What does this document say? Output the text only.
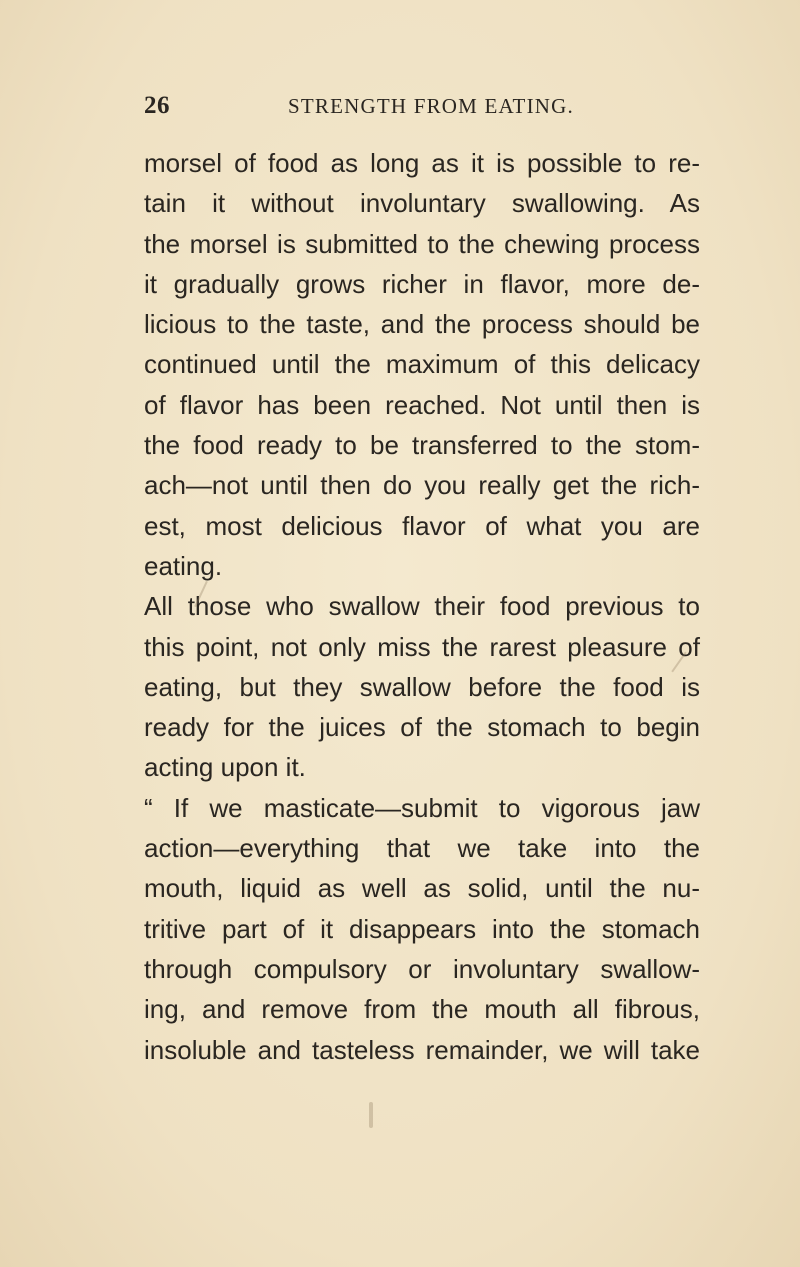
26	STRENGTH FROM EATING.
morsel of food as long as it is possible to re-
tain it without involuntary swallowing. As
the morsel is submitted to the chewing process
it gradually grows richer in flavor, more de-
licious to the taste, and the process should be
continued until the maximum of this delicacy
of flavor has been reached. Not until then is
the food ready to be transferred to the stom-
ach—not until then do you really get the rich-
est, most delicious flavor of what you are
eating.
All those who swallow their food previous to
this point, not only miss the rarest pleasure of
eating, but they swallow before the food is
ready for the juices of the stomach to begin
acting upon it.
“ If we masticate—submit to vigorous jaw
action—everything that we take into the
mouth, liquid as well as solid, until the nu-
tritive part of it disappears into the stomach
through compulsory or involuntary swallow-
ing, and remove from the mouth all fibrous,
insoluble and tasteless remainder, we will take
